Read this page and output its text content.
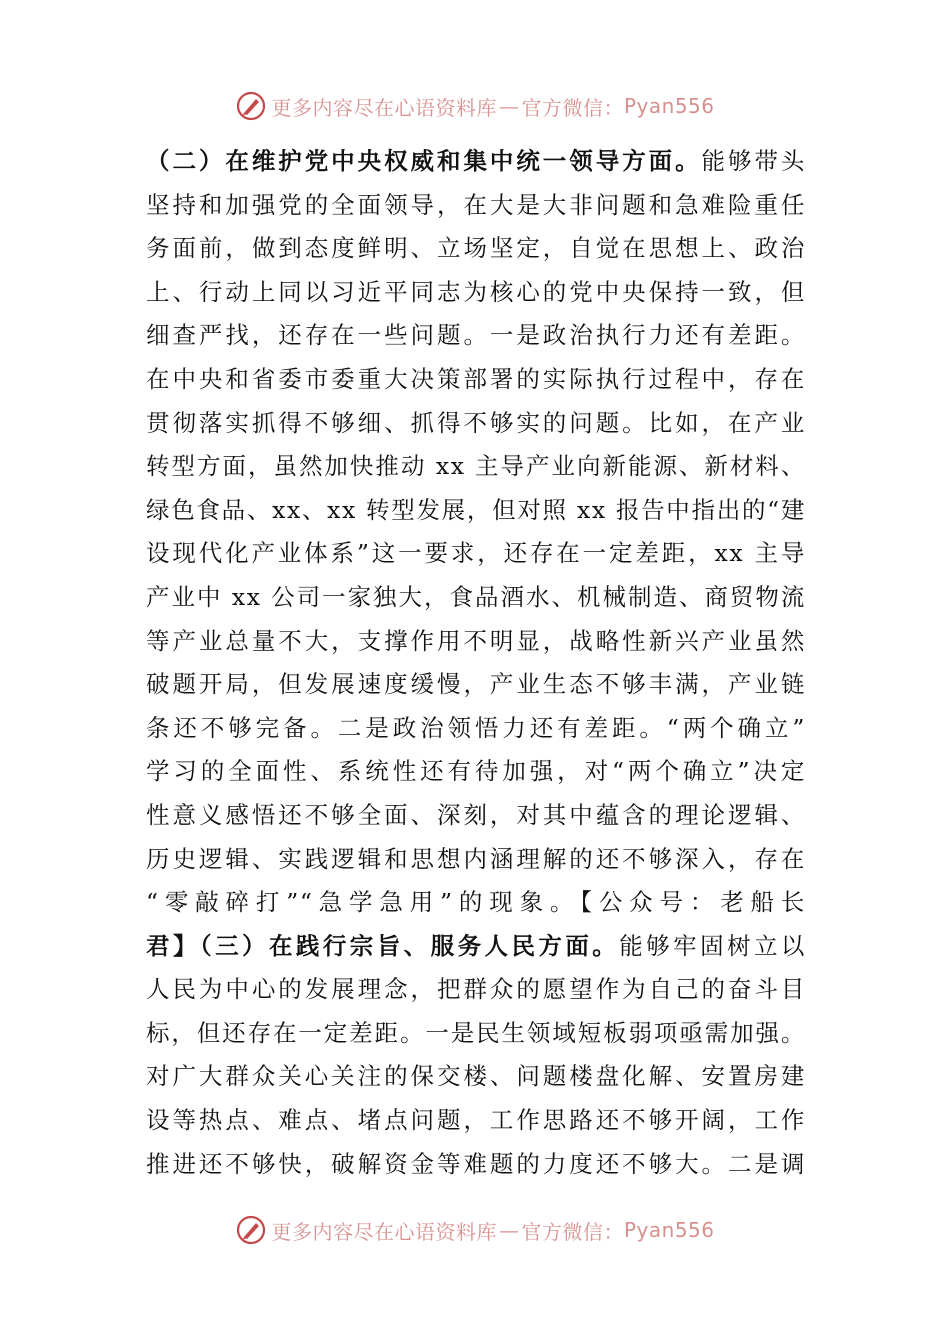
更多内容尽在心语资料库 — 官方微信： Pyan556
（二）在维护党中央权威和集中统一领导方面。能够带头
坚持和加强党的全面领导，在大是大非问题和急难险重任
务面前，做到态度鲜明、立场坚定，自觉在思想上、政治
上、行动上同以习近平同志为核心的党中央保持一致，但
细查严找，还存在一些问题。一是政治执行力还有差距。
在中央和省委市委重大决策部署的实际执行过程中，存在
贯彻落实抓得不够细、抓得不够实的问题。比如，在产业
转型方面，虽然加快推动 xx 主导产业向新能源、新材料、
绿色食品、xx、xx 转型发展，但对照 xx 报告中指出的“建
设现代化产业体系”这一要求，还存在一定差距，xx 主导
产业中 xx 公司一家独大，食品酒水、机械制造、商贸物流
等产业总量不大，支撑作用不明显，战略性新兴产业虽然
破题开局，但发展速度缓慢，产业生态不够丰满，产业链
条还不够完备。二是政治领悟力还有差距。“两个确立”
学习的全面性、系统性还有待加强，对“两个确立”决定
性意义感悟还不够全面、深刻，对其中蕴含的理论逻辑、
历史逻辑、实践逻辑和思想内涵理解的还不够深入，存在
“零敲碎打”“急学急用”的现象。【公众号：老船长
君】（三）在践行宗旨、服务人民方面。能够牢固树立以
人民为中心的发展理念，把群众的愿望作为自己的奋斗目
标，但还存在一定差距。一是民生领域短板弱项亟需加强。
对广大群众关心关注的保交楼、问题楼盘化解、安置房建
设等热点、难点、堵点问题，工作思路还不够开阔，工作
推进还不够快，破解资金等难题的力度还不够大。二是调
更多内容尽在心语资料库 — 官方微信： Pyan556
